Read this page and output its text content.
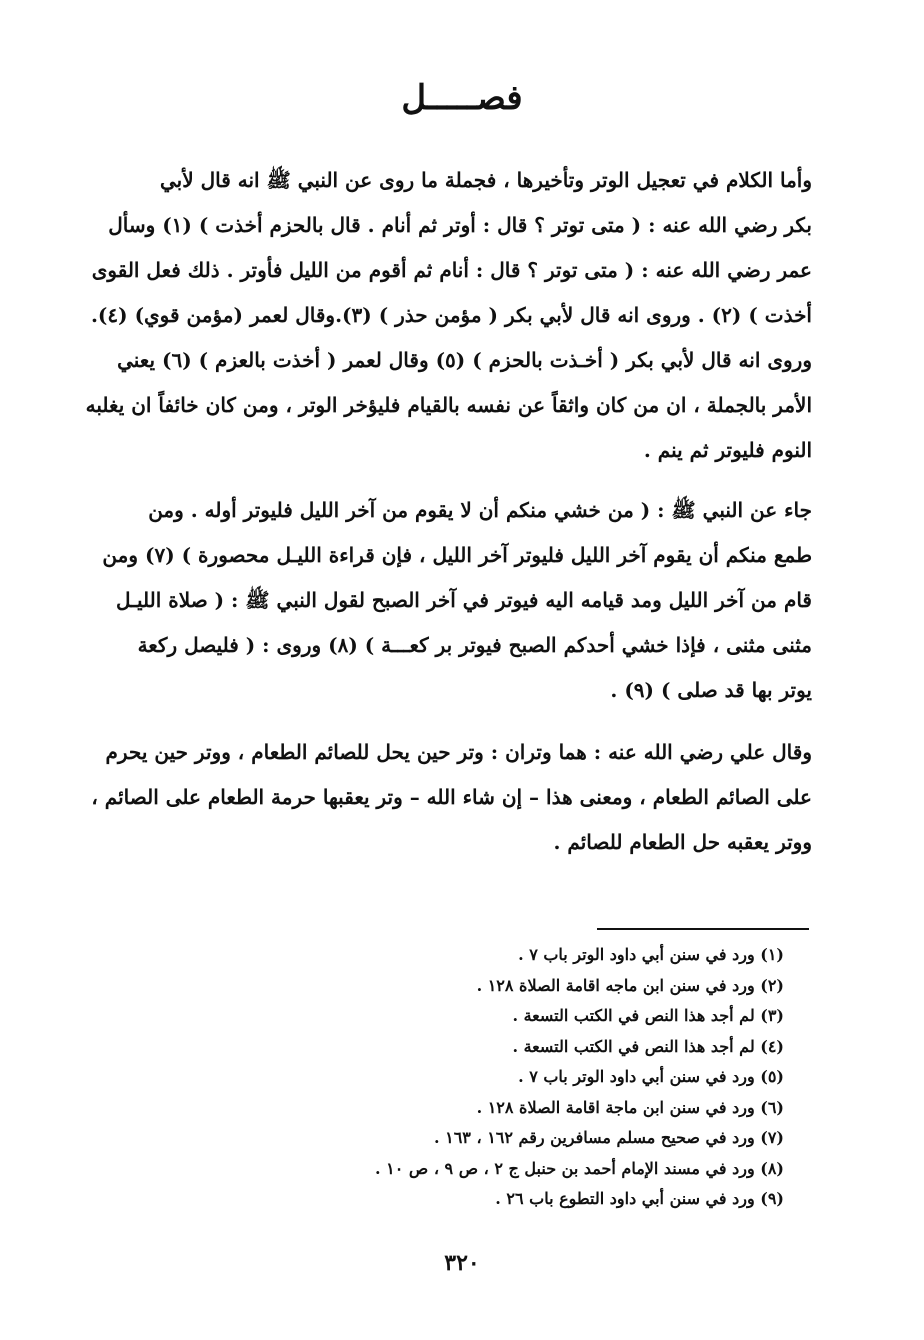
فصـــــل
وأما الكلام في تعجيل الوتر وتأخيرها ، فجملة ما روى عن النبي ﷺ انه قال لأبي
بكر رضي الله عنه : ( متى توتر ؟ قال : أوتر ثم أنام . قال بالحزم أخذت ) (١) وسأل
عمر رضي الله عنه : ( متى توتر ؟ قال : أنام ثم أقوم من الليل فأوتر . ذلك فعل القوى
أخذت ) (٢) . وروى انه قال لأبي بكر ( مؤمن حذر ) (٣).وقال لعمر (مؤمن قوي) (٤).
وروى انه قال لأبي بكر ( أخـذت بالحزم ) (٥) وقال لعمر ( أخذت بالعزم ) (٦) يعني
الأمر بالجملة ، ان من كان واثقاً عن نفسه بالقيام فليؤخر الوتر ، ومن كان خائفاً ان يغلبه
النوم فليوتر ثم ينم .
جاء عن النبي ﷺ : ( من خشي منكم أن لا يقوم من آخر الليل فليوتر أوله . ومن
طمع منكم أن يقوم آخر الليل فليوتر آخر الليل ، فإن قراءة الليـل محصورة ) (٧) ومن
قام من آخر الليل ومد قيامه اليه فيوتر في آخر الصبح لقول النبي ﷺ : ( صلاة الليـل
مثنى مثنى ، فإذا خشي أحدكم الصبح فيوتر بر كعـــة ) (٨) وروى : ( فليصل ركعة
يوتر بها قد صلى ) (٩) .
وقال علي رضي الله عنه : هما وتران : وتر حين يحل للصائم الطعام ، ووتر حين يحرم
على الصائم الطعام ، ومعنى هذا – إن شاء الله – وتر يعقبها حرمة الطعام على الصائم ،
ووتر يعقبه حل الطعام للصائم .
(١) ورد في سنن أبي داود الوتر باب ٧ .
(٢) ورد في سنن ابن ماجه اقامة الصلاة ١٢٨ .
(٣) لم أجد هذا النص في الكتب التسعة .
(٤) لم أجد هذا النص في الكتب التسعة .
(٥) ورد في سنن أبي داود الوتر باب ٧ .
(٦) ورد في سنن ابن ماجة اقامة الصلاة ١٢٨ .
(٧) ورد في صحيح مسلم مسافرين رقم ١٦٢ ، ١٦٣ .
(٨) ورد في مسند الإمام أحمد بن حنبل ج ٢ ، ص ٩ ، ص ١٠ .
(٩) ورد في سنن أبي داود التطوع باب ٢٦ .
٣٢٠
